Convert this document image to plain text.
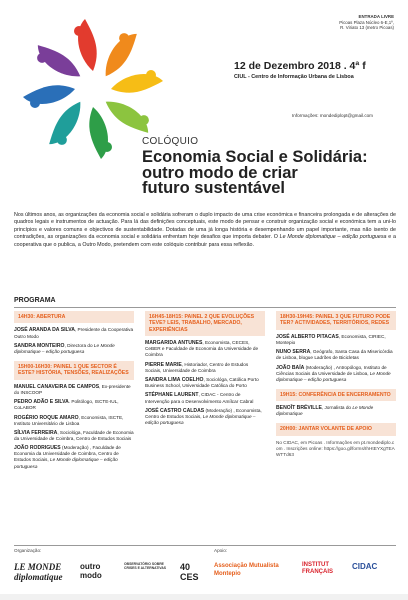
ENTRADA LIVRE
Picoas Plaza Núcleo 6-E,1º,
R. Viriato 13 (metro Picoas)
12 de Dezembro 2018 . 4ª f
CIUL - Centro de Informação Urbana de Lisboa
Informações: mondediplopt@gmail.com
COLÓQUIO
Economia Social e Solidária:
outro modo de criar
futuro sustentável
Nos últimos anos, as organizações da economia social e solidária sofreram o duplo impacto de uma crise económica e financeira prolongada e de alterações de quadros legais e instrumentos de actuação. Para lá das definições conceptuais, este modo de pensar e construir organização social e económica tem a uni-lo princípios e valores comuns e objectivos de sustentabilidade. Dotadas de uma já longa história e desempenhando um papel importante, mas não isento de contradições, as organizações da economia social e solidária enfrentam hoje desafios que importa debater. O Le Monde diplomatique – edição portuguesa e a cooperativa que o publica, a Outro Modo, pretendem com este colóquio contribuir para essa reflexão.
PROGRAMA
14H30: ABERTURA
JOSÉ ARANDA DA SILVA, Presidente da Cooperativa Outro Modo
SANDRA MONTEIRO, Directora do Le Monde diplomatique – edição portuguesa
15H00-16H30: PAINEL 1 QUE SECTOR É ESTE? HISTÓRIA, TENSÕES, REALIZAÇÕES
MANUEL CANAVEIRA DE CAMPOS, Ex-presidente do INSCOOP
PEDRO ADÃO E SILVA. Politólogo, ISCTE-IUL, CoLABOR
ROGÉRIO ROQUE AMARO, Economista, ISCTE, Instituto Universitário de Lisboa
SÍLVIA FERREIRA, Sociológa, Faculdade de Economia da Universidade de Coimbra, Centro de Estudos Sociais
JOÃO RODRIGUES (Moderação) , Faculdade de Economia da Universidade de Coimbra, Centro de Estudos Sociais, Le Monde diplomatique – edição portuguesa
16H45-18H15: PAINEL 2 QUE EVOLUÇÕES TEVE? LEIS, TRABALHO, MERCADO, EXPERIÊNCIAS
MARGARIDA ANTUNES, Economista, CECES, CeBER e Faculdade de Economia da Universidade de Coimbra
PIERRE MARIE, Historiador, Centro de Estudos Sociais, Universidade de Coimbra
SANDRA LIMA COELHO, Sociológa, Católica Porto Business School, Universidade Católica do Porto
STÉPHANE LAURENT, CIDAC - Centro de Intervenção para o Desenvolvimento Amílcar Cabral
JOSÉ CASTRO CALDAS (Moderação) , Economista, Centro de Estudos Sociais, Le Monde diplomatique – edição portuguesa
18H30-19H45: PAINEL 3 QUE FUTURO PODE TER? ACTIVIDADES, TERRITÓRIOS, REDES
JOSÉ ALBERTO PITACAS, Economista, CIRIEC, Montepio
NUNO SERRA, Geógrafo, Santa Casa da Misericórdia de Lisboa, blogue Ladrões de Bicicletas
JOÃO BAÍA (Moderação) , Antropólogo, Instituto de Ciências Sociais da Universidade de Lisboa, Le Monde diplomatique – edição portuguesa
19H15: CONFERÊNCIA DE ENCERRAMENTO
BENOÎT BRÉVILLE, Jornalista do Le Monde diplomatique
20H00: JANTAR VOLANTE DE APOIO
No CIDAC, em Picoas . Informações em pt.mondediplo.com . Inscrições online: https://goo.gl/forms/IhHtEYXgTEAWTTd63
Organização:	Apoio:
LE MONDE diplomatique
outro modo
OBSERVATÓRIO SOBRE CRISES E ALTERNATIVAS	40 CES
Associação Mutualista Montepio
INSTITUT FRANÇAIS
CIDAC
